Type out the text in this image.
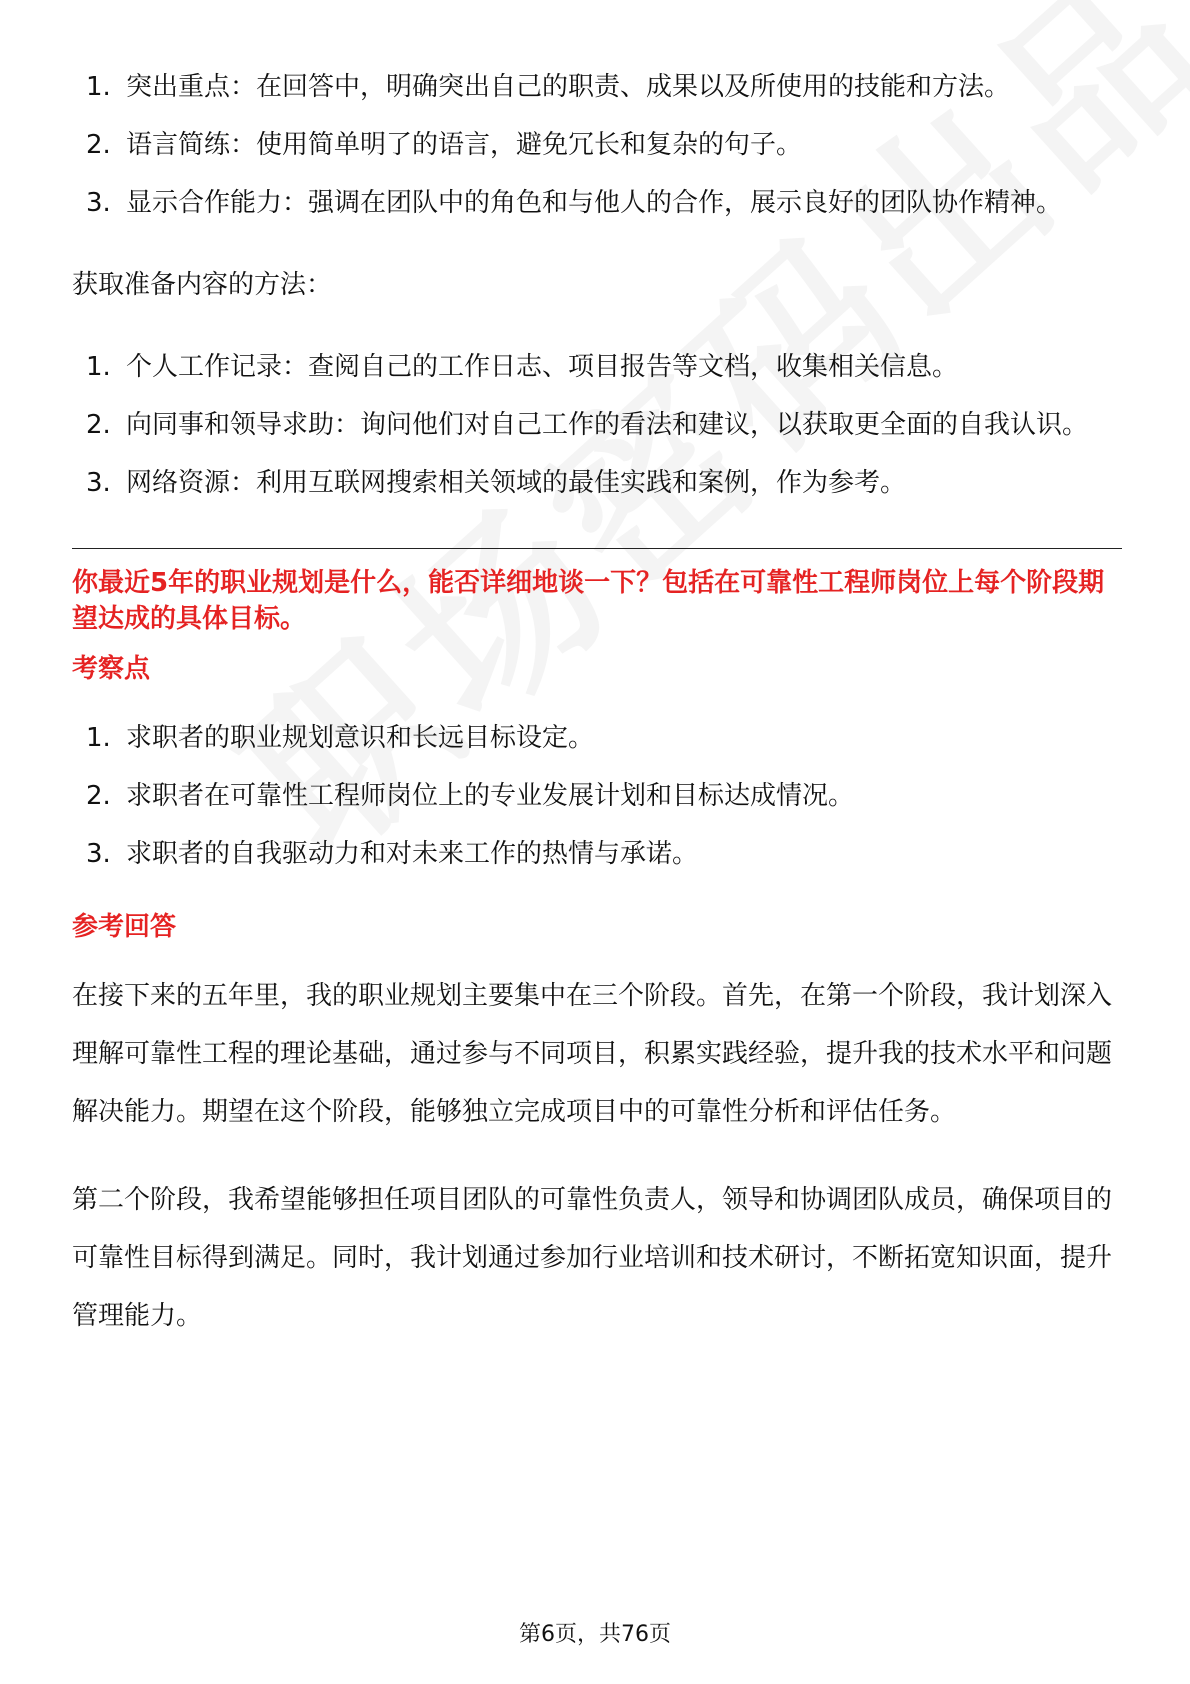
1. 突出重点：在回答中，明确突出自己的职责、成果以及所使用的技能和方法。
2. 语言简练：使用简单明了的语言，避免冗长和复杂的句子。
3. 显示合作能力：强调在团队中的角色和与他人的合作，展示良好的团队协作精神。

获取准备内容的方法：

1. 个人工作记录：查阅自己的工作日志、项目报告等文档，收集相关信息。
2. 向同事和领导求助：询问他们对自己工作的看法和建议，以获取更全面的自我认识。
3. 网络资源：利用互联网搜索相关领域的最佳实践和案例，作为参考。

你最近5年的职业规划是什么，能否详细地谈一下？包括在可靠性工程师岗位上每个阶段期望达成的具体目标。

考察点

1. 求职者的职业规划意识和长远目标设定。
2. 求职者在可靠性工程师岗位上的专业发展计划和目标达成情况。
3. 求职者的自我驱动力和对未来工作的热情与承诺。

参考回答

在接下来的五年里，我的职业规划主要集中在三个阶段。首先，在第一个阶段，我计划深入理解可靠性工程的理论基础，通过参与不同项目，积累实践经验，提升我的技术水平和问题解决能力。期望在这个阶段，能够独立完成项目中的可靠性分析和评估任务。

第二个阶段，我希望能够担任项目团队的可靠性负责人，领导和协调团队成员，确保项目的可靠性目标得到满足。同时，我计划通过参加行业培训和技术研讨，不断拓宽知识面，提升管理能力。

第6页，共76页
